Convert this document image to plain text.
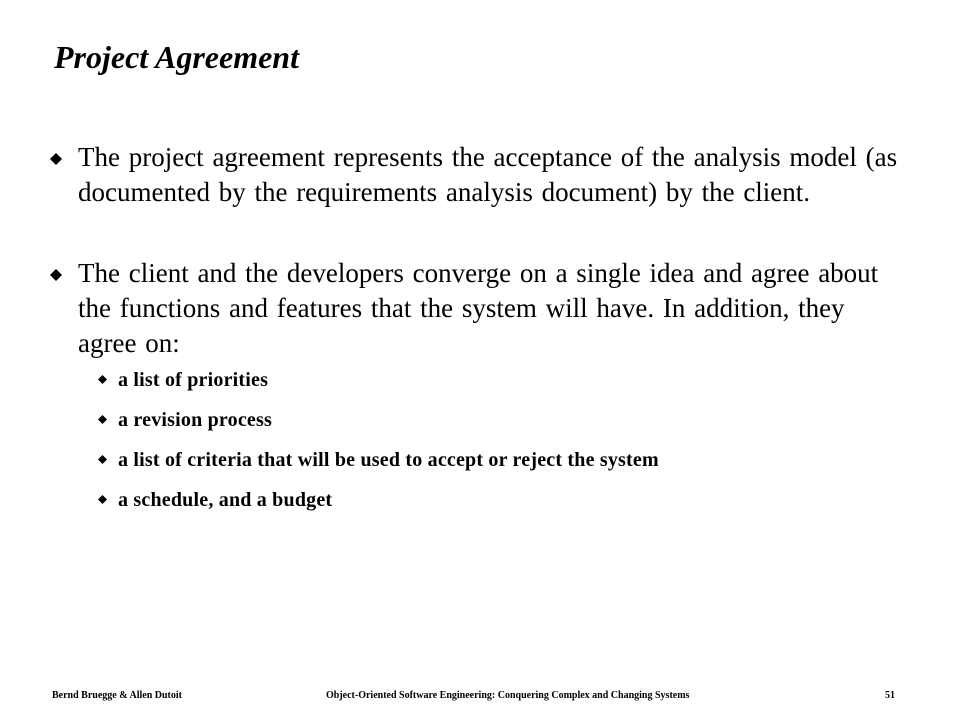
Project Agreement
The project agreement represents the acceptance of the analysis model (as documented by the requirements analysis document) by the client.
The client and the developers converge on a single idea and agree about the functions and features that the system will have. In addition, they agree on:
a list of priorities
a revision process
a list of criteria that will be used to accept or reject the system
a schedule, and a budget
Bernd Bruegge & Allen Dutoit	Object-Oriented Software Engineering: Conquering Complex and Changing Systems	51
